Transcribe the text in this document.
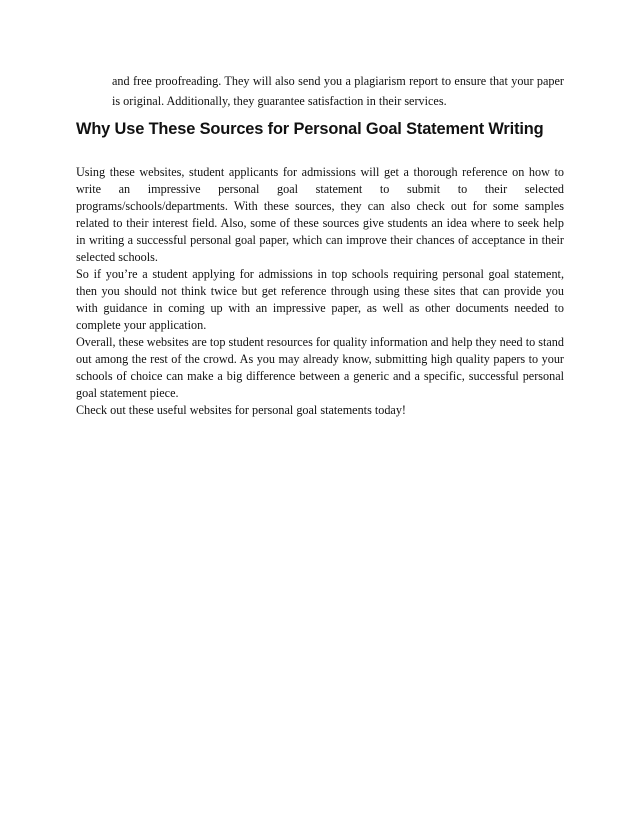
and free proofreading. They will also send you a plagiarism report to ensure that your paper is original. Additionally, they guarantee satisfaction in their services.
Why Use These Sources for Personal Goal Statement Writing

Using these websites, student applicants for admissions will get a thorough reference on how to write an impressive personal goal statement to submit to their selected programs/schools/departments. With these sources, they can also check out for some samples related to their interest field. Also, some of these sources give students an idea where to seek help in writing a successful personal goal paper, which can improve their chances of acceptance in their selected schools.

So if you’re a student applying for admissions in top schools requiring personal goal statement, then you should not think twice but get reference through using these sites that can provide you with guidance in coming up with an impressive paper, as well as other documents needed to complete your application.

Overall, these websites are top student resources for quality information and help they need to stand out among the rest of the crowd. As you may already know, submitting high quality papers to your schools of choice can make a big difference between a generic and a specific, successful personal goal statement piece.

Check out these useful websites for personal goal statements today!
